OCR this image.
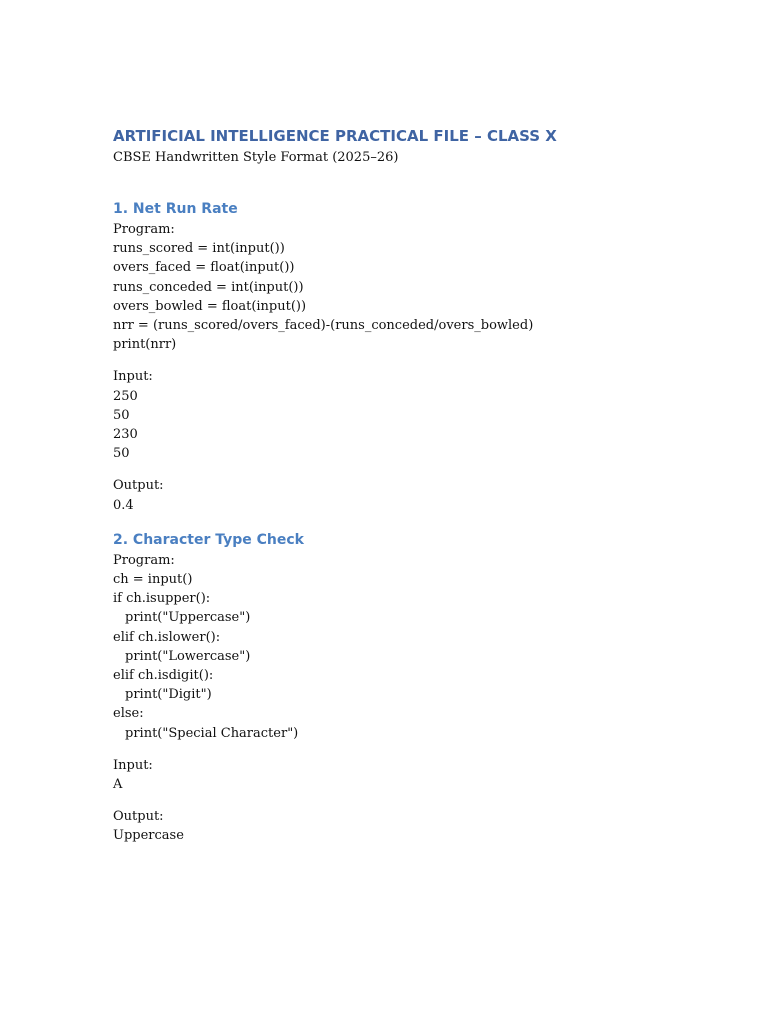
ARTIFICIAL INTELLIGENCE PRACTICAL FILE – CLASS X

CBSE Handwritten Style Format (2025–26)

1. Net Run Rate
Program:
runs_scored = int(input())
overs_faced = float(input())
runs_conceded = int(input())
overs_bowled = float(input())
nrr = (runs_scored/overs_faced)-(runs_conceded/overs_bowled)
print(nrr)
Input:
250
50
230
50
Output:
0.4
2. Character Type Check
Program:
ch = input()
if ch.isupper():
print("Uppercase")
elif ch.islower():
print("Lowercase")
elif ch.isdigit():
print("Digit")
else:
print("Special Character")
Input:
A
Output:
Uppercase
